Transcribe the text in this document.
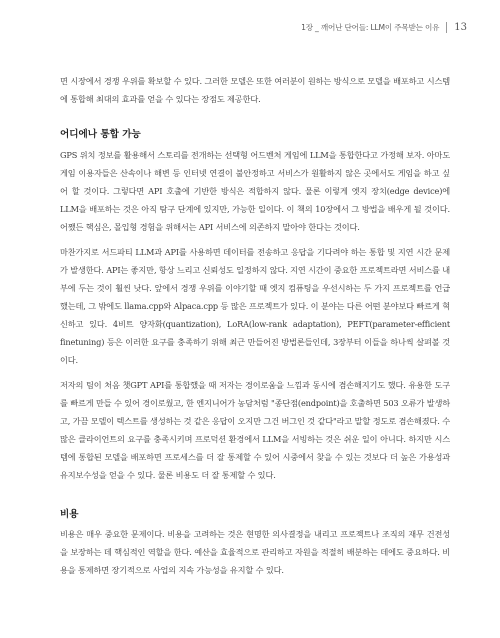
1장 _ 깨어난 단어들: LLM이 주목받는 이유 13

면 시장에서 경쟁 우위를 확보할 수 있다. 그러한 모델은 또한 여러분이 원하는 방식으로 모델을 배포하고 시스템에 통합해 최대의 효과를 얻을 수 있다는 장점도 제공한다.

어디에나 통합 가능

GPS 위치 정보를 활용해서 스토리를 전개하는 선택형 어드벤처 게임에 LLM을 통합한다고 가정해 보자. 아마도 게임 이용자들은 산속이나 해변 등 인터넷 연결이 불안정하고 서비스가 원활하지 않은 곳에서도 게임을 하고 싶어 할 것이다. 그렇다면 API 호출에 기반한 방식은 적합하지 않다. 물론 이렇게 엣지 장치(edge device)에 LLM을 배포하는 것은 아직 탐구 단계에 있지만, 가능한 일이다. 이 책의 10장에서 그 방법을 배우게 될 것이다. 어쨌든 핵심은, 몰입형 경험을 위해서는 API 서비스에 의존하지 말아야 한다는 것이다.

마찬가지로 서드파티 LLM과 API를 사용하면 데이터를 전송하고 응답을 기다려야 하는 통합 및 지연 시간 문제가 발생한다. API는 좋지만, 항상 느리고 신뢰성도 일정하지 않다. 지연 시간이 중요한 프로젝트라면 서비스를 내부에 두는 것이 훨씬 낫다. 앞에서 경쟁 우위를 이야기할 때 엣지 컴퓨팅을 우선시하는 두 가지 프로젝트를 언급했는데, 그 밖에도 llama.cpp와 Alpaca.cpp 등 많은 프로젝트가 있다. 이 분야는 다른 어떤 분야보다 빠르게 혁신하고 있다. 4비트 양자화(quantization), LoRA(low-rank adaptation), PEFT(parameter-efficient finetuning) 등은 이러한 요구를 충족하기 위해 최근 만들어진 방법론들인데, 3장부터 이들을 하나씩 살펴볼 것이다.

저자의 팀이 처음 챗GPT API를 통합했을 때 저자는 경이로움을 느낌과 동시에 겸손해지기도 했다. 유용한 도구를 빠르게 만들 수 있어 경이로웠고, 한 엔지니어가 농담처럼 "종단점(endpoint)을 호출하면 503 오류가 발생하고, 가끔 모델이 텍스트를 생성하는 것 같은 응답이 오지만 그건 버그인 것 같다"라고 말할 정도로 겸손해졌다. 수많은 클라이언트의 요구를 충족시키며 프로덕션 환경에서 LLM을 서빙하는 것은 쉬운 일이 아니다. 하지만 시스템에 통합된 모델을 배포하면 프로세스를 더 잘 통제할 수 있어 시중에서 찾을 수 있는 것보다 더 높은 가용성과 유지보수성을 얻을 수 있다. 물론 비용도 더 잘 통제할 수 있다.

비용

비용은 매우 중요한 문제이다. 비용을 고려하는 것은 현명한 의사결정을 내리고 프로젝트나 조직의 재무 건전성을 보장하는 데 핵심적인 역할을 한다. 예산을 효율적으로 관리하고 자원을 적절히 배분하는 데에도 중요하다. 비용을 통제하면 장기적으로 사업의 지속 가능성을 유지할 수 있다.
